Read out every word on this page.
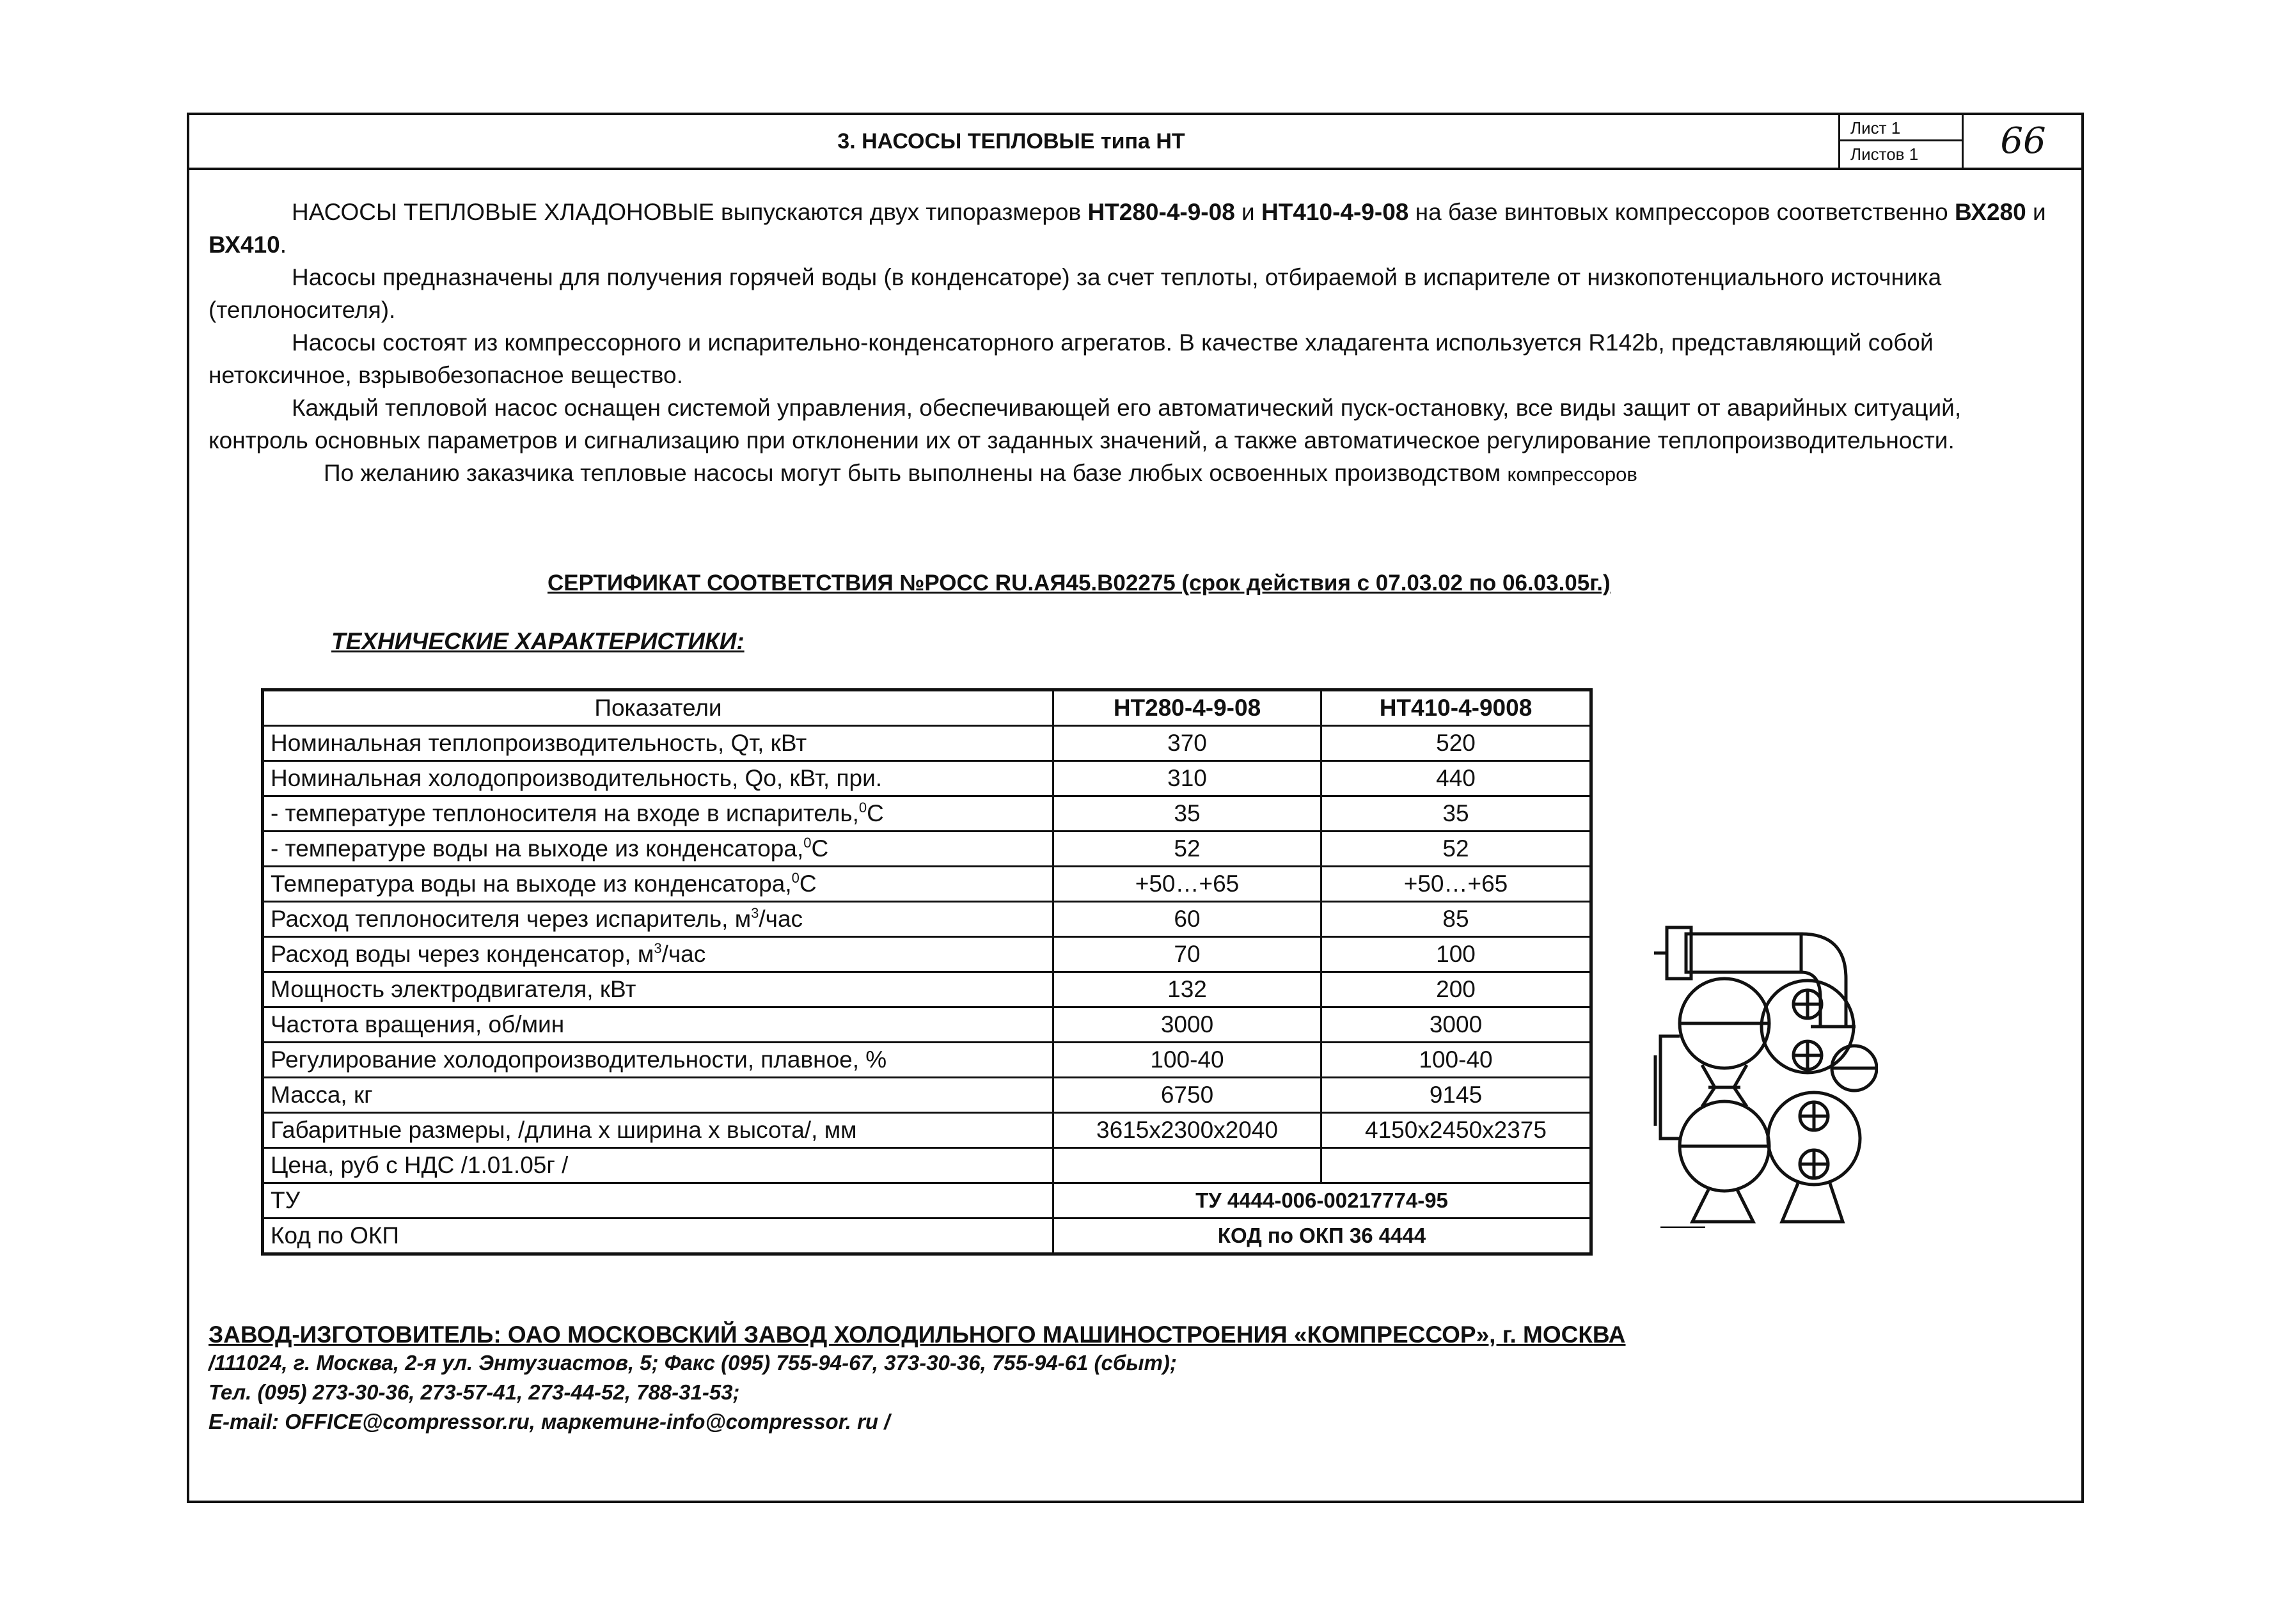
3. НАСОСЫ ТЕПЛОВЫЕ типа НТ
Лист 1
Листов 1	66

НАСОСЫ ТЕПЛОВЫЕ ХЛАДОНОВЫЕ выпускаются двух типоразмеров НТ280-4-9-08 и НТ410-4-9-08 на базе винтовых компрессоров соответственно ВХ280 и ВХ410.

Насосы предназначены для получения горячей воды (в конденсаторе) за счет теплоты, отбираемой в испарителе от низкопотенциального источника (теплоносителя).

Насосы состоят из компрессорного и испарительно-конденсаторного агрегатов. В качестве хладагента используется R142b, представляющий собой нетоксичное, взрывобезопасное вещество.

Каждый тепловой насос оснащен системой управления, обеспечивающей его автоматический пуск-остановку, все виды защит от аварийных ситуаций, контроль основных параметров и сигнализацию при отклонении их от заданных значений, а также автоматическое регулирование теплопроизводительности.

По желанию заказчика тепловые насосы могут быть выполнены на базе любых освоенных производством компрессоров

СЕРТИФИКАТ СООТВЕТСТВИЯ №РОСС RU.АЯ45.В02275 (срок действия с 07.03.02 по 06.03.05г.)
ТЕХНИЧЕСКИЕ ХАРАКТЕРИСТИКИ:
Показатели	НТ280-4-9-08	НТ410-4-9008
Номинальная теплопроизводительность, Qт, кВт	370	520
Номинальная холодопроизводительность, Qо, кВт, при.	310	440
- температуре теплоносителя на входе в испаритель,$^0$С	35	35
- температуре воды на выходе из конденсатора,$^0$С	52	52
Температура воды на выходе из конденсатора,$^0$С	+50…+65	+50…+65
Расход теплоносителя через испаритель, $м^3$/час	60	85
Расход воды через конденсатор, $м^3$/час	70	100
Мощность электродвигателя, кВт	132	200
Частота вращения, об/мин	3000	3000
Регулирование холодопроизводительности, плавное, %	100-40	100-40
Масса, кг	6750	9145
Габаритные размеры, /длина х ширина х высота/, мм	3615х2300х2040	4150х2450х2375
Цена, руб с НДС /1.01.05г /		
ТУ	ТУ 4444-006-00217774-95	
Код по ОКП	КОД по ОКП 36 4444	
ЗАВОД-ИЗГОТОВИТЕЛЬ: ОАО МОСКОВСКИЙ ЗАВОД ХОЛОДИЛЬНОГО МАШИНОСТРОЕНИЯ «КОМПРЕССОР», г. МОСКВА
/111024, г. Москва, 2-я ул. Энтузиастов, 5; Факс (095) 755-94-67, 373-30-36, 755-94-61 (сбыт);
Тел. (095) 273-30-36, 273-57-41, 273-44-52, 788-31-53;
E-mail: OFFICE@compressor.ru, маркетинг-info@compressor. ru /
